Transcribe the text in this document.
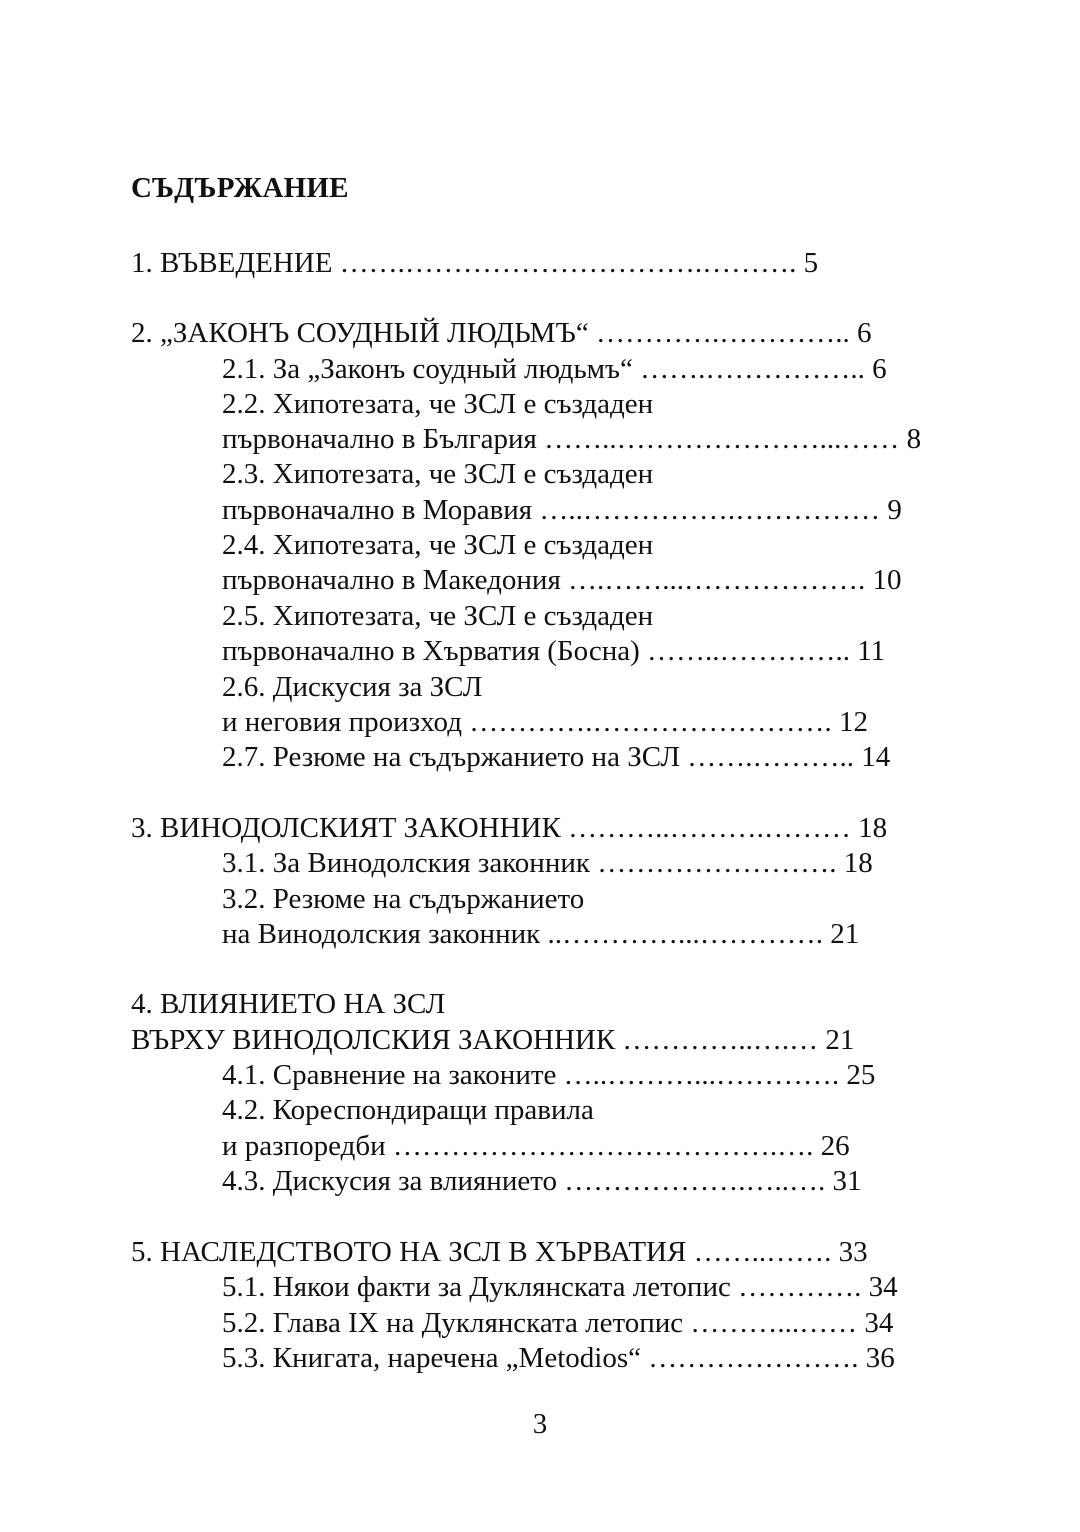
СЪДЪРЖАНИЕ
1. ВЪВЕДЕНИЕ …….………………………….………. 5
2. „ЗАКОНЪ СОУДНЫЙ ЛЮДЬМЪ“ ………….………….. 6
2.1. За „Законъ соудный людьмъ“ …….…………….. 6
2.2. Хипотезата, че ЗСЛ е създаден
първоначално в България ……..…………………...…… 8
2.3. Хипотезата, че ЗСЛ е създаден
първоначално в Моравия …..…………….…………… 9
2.4. Хипотезата, че ЗСЛ е създаден
първоначално в Македония ….……...………………. 10
2.5. Хипотезата, че ЗСЛ е създаден
първоначално в Хърватия (Босна) ……..………….. 11
2.6. Дискусия за ЗСЛ
и неговия произход ………….……………………. 12
2.7. Резюме на съдържанието на ЗСЛ …….……….. 14
3. ВИНОДОЛСКИЯТ ЗАКОННИК ………..……….……… 18
3.1. За Винодолския законник ……………………. 18
3.2. Резюме на съдържанието
на Винодолския законник ..…………...…………. 21
4. ВЛИЯНИЕТО НА ЗСЛ
ВЪРХУ ВИНОДОЛСКИЯ ЗАКОННИК …………..….… 21
4.1. Сравнение на законите …..………...…………. 25
4.2. Кореспондиращи правила
и разпоредби ………………………………….…. 26
4.3. Дискусия за влиянието ……………….…..…. 31
5. НАСЛЕДСТВОТО НА ЗСЛ В ХЪРВАТИЯ ……..……. 33
5.1. Някои факти за Дуклянската летопис …………. 34
5.2. Глава IX на Дуклянската летопис ………...…… 34
5.3. Книгата, наречена „Metodios“ …………………. 36
3
